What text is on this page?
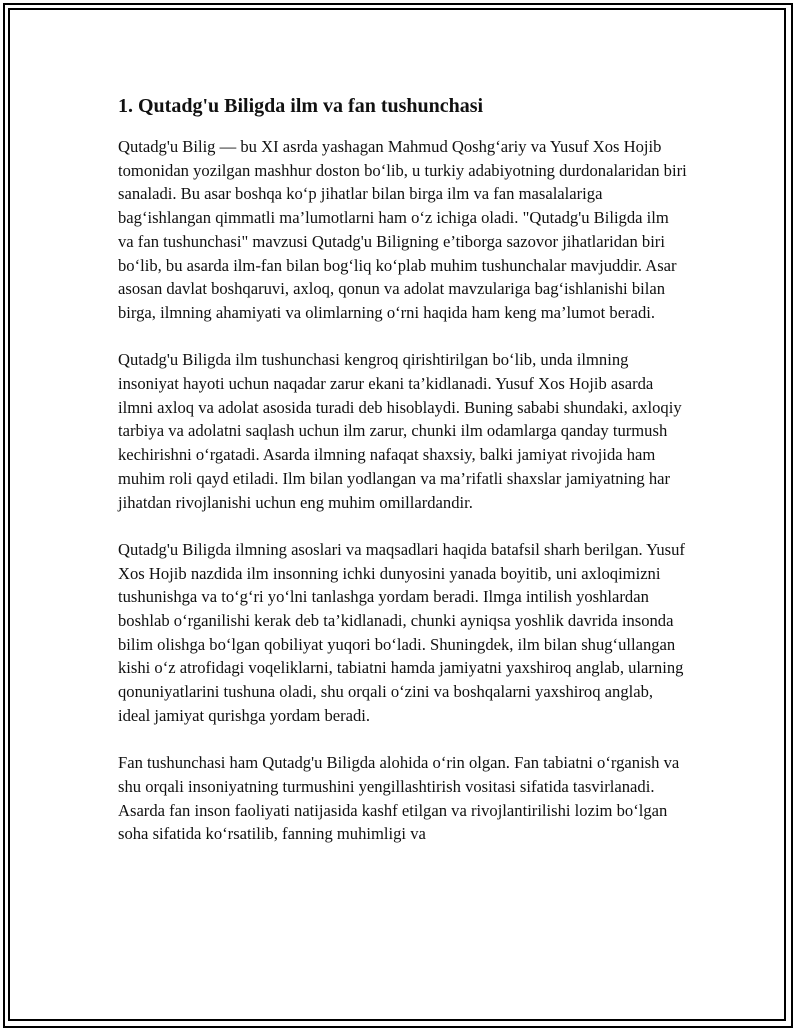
1. Qutadg'u Biligda ilm va fan tushunchasi

Qutadg'u Bilig — bu XI asrda yashagan Mahmud Qoshg‘ariy va Yusuf Xos Hojib tomonidan yozilgan mashhur doston bo‘lib, u turkiy adabiyotning durdonalaridan biri sanaladi. Bu asar boshqa ko‘p jihatlar bilan birga ilm va fan masalalariga bag‘ishlangan qimmatli ma’lumotlarni ham o‘z ichiga oladi. "Qutadg'u Biligda ilm va fan tushunchasi" mavzusi Qutadg'u Biligning e’tiborga sazovor jihatlaridan biri bo‘lib, bu asarda ilm-fan bilan bog‘liq ko‘plab muhim tushunchalar mavjuddir. Asar asosan davlat boshqaruvi, axloq, qonun va adolat mavzulariga bag‘ishlanishi bilan birga, ilmning ahamiyati va olimlarning o‘rni haqida ham keng ma’lumot beradi.

Qutadg'u Biligda ilm tushunchasi kengroq qirishtirilgan bo‘lib, unda ilmning insoniyat hayoti uchun naqadar zarur ekani ta’kidlanadi. Yusuf Xos Hojib asarda ilmni axloq va adolat asosida turadi deb hisoblaydi. Buning sababi shundaki, axloqiy tarbiya va adolatni saqlash uchun ilm zarur, chunki ilm odamlarga qanday turmush kechirishni o‘rgatadi. Asarda ilmning nafaqat shaxsiy, balki jamiyat rivojida ham muhim roli qayd etiladi. Ilm bilan yodlangan va ma’rifatli shaxslar jamiyatning har jihatdan rivojlanishi uchun eng muhim omillardandir.

Qutadg'u Biligda ilmning asoslari va maqsadlari haqida batafsil sharh berilgan. Yusuf Xos Hojib nazdida ilm insonning ichki dunyosini yanada boyitib, uni axloqimizni tushunishga va to‘g‘ri yo‘lni tanlashga yordam beradi. Ilmga intilish yoshlardan boshlab o‘rganilishi kerak deb ta’kidlanadi, chunki ayniqsa yoshlik davrida insonda bilim olishga bo‘lgan qobiliyat yuqori bo‘ladi. Shuningdek, ilm bilan shug‘ullangan kishi o‘z atrofidagi voqeliklarni, tabiatni hamda jamiyatni yaxshiroq anglab, ularning qonuniyatlarini tushuna oladi, shu orqali o‘zini va boshqalarni yaxshiroq anglab, ideal jamiyat qurishga yordam beradi.

Fan tushunchasi ham Qutadg'u Biligda alohida o‘rin olgan. Fan tabiatni o‘rganish va shu orqali insoniyatning turmushini yengillashtirish vositasi sifatida tasvirlanadi. Asarda fan inson faoliyati natijasida kashf etilgan va rivojlantirilishi lozim bo‘lgan soha sifatida ko‘rsatilib, fanning muhimligi va
